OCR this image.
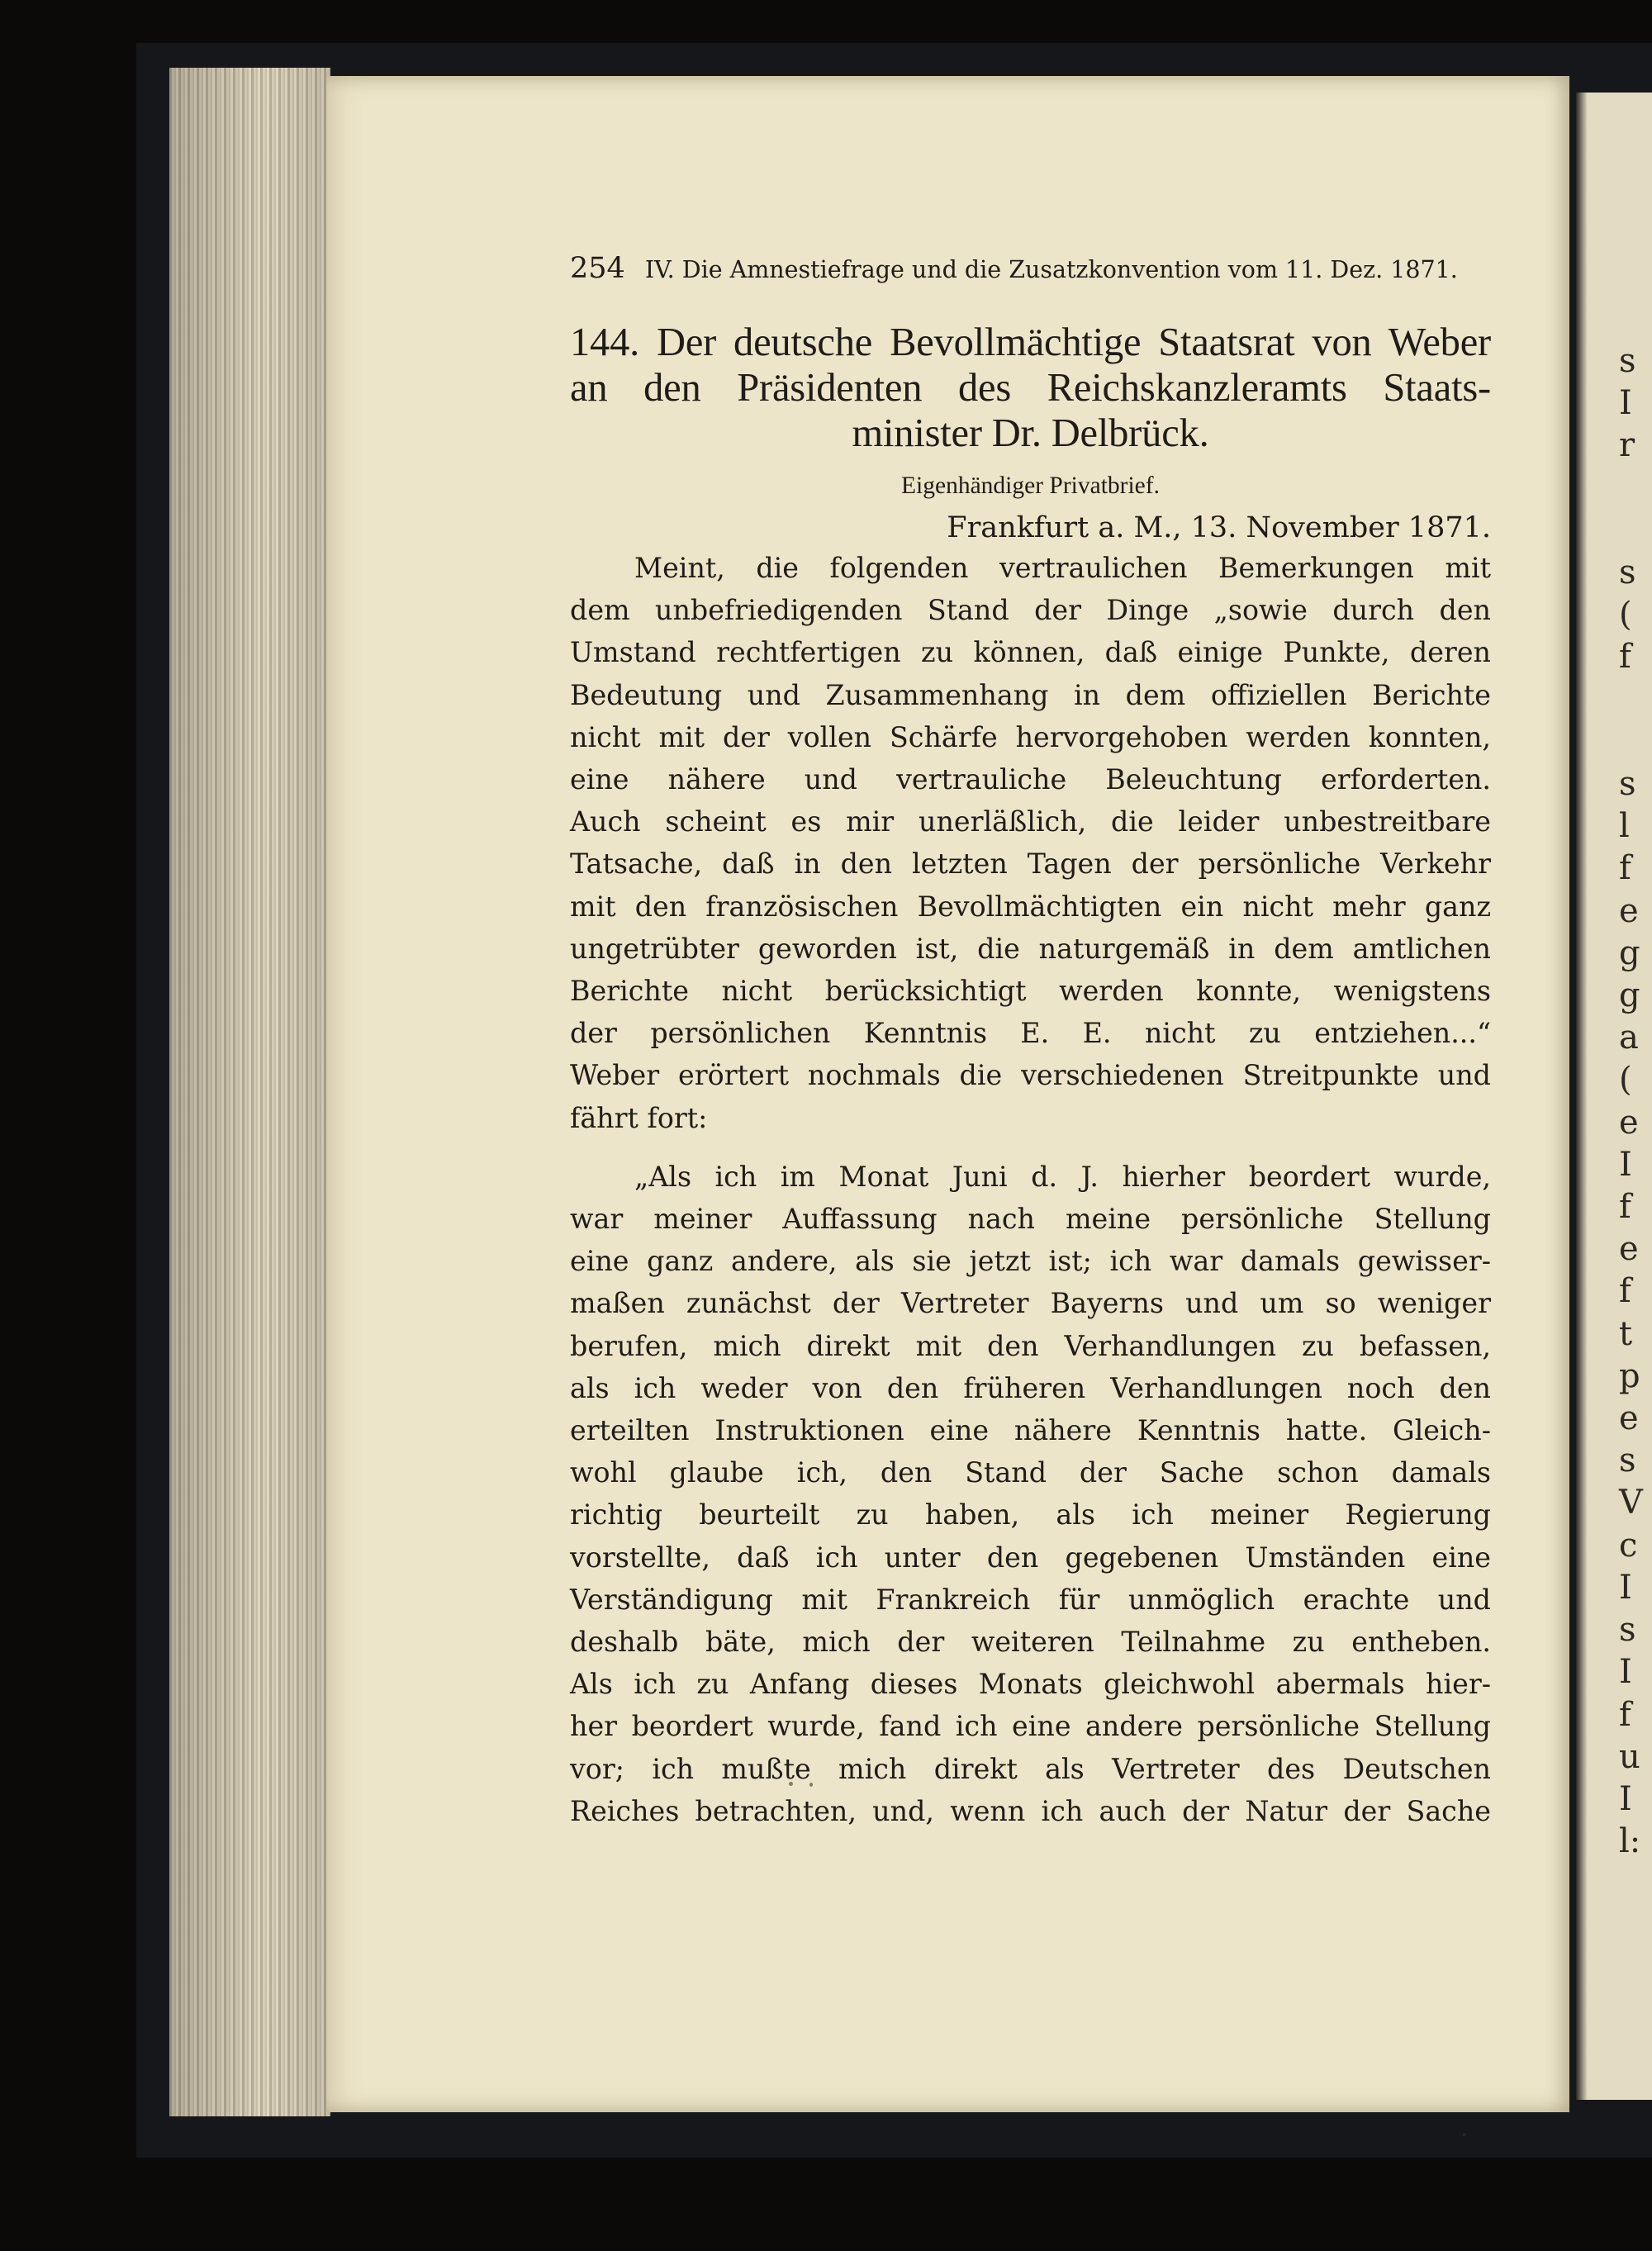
s
I
r

s
(
f

s
l
f
e
g
g
a
(
e
I
f
e
f
t
p
e
s
V
c
I
s
I
f
u
I
l:
254 IV. Die Amnestiefrage und die Zusatzkonvention vom 11. Dez. 1871.
144. Der deutsche Bevollmächtige Staatsrat von Weber
an den Präsidenten des Reichskanzleramts Staats-
minister Dr. Delbrück.
Eigenhändiger Privatbrief.
Frankfurt a. M., 13. November 1871.
Meint, die folgenden vertraulichen Bemerkungen mit
dem unbefriedigenden Stand der Dinge „sowie durch den
Umstand rechtfertigen zu können, daß einige Punkte, deren
Bedeutung und Zusammenhang in dem offiziellen Berichte
nicht mit der vollen Schärfe hervorgehoben werden konnten,
eine nähere und vertrauliche Beleuchtung erforderten.
Auch scheint es mir unerläßlich, die leider unbestreitbare
Tatsache, daß in den letzten Tagen der persönliche Verkehr
mit den französischen Bevollmächtigten ein nicht mehr ganz
ungetrübter geworden ist, die naturgemäß in dem amtlichen
Berichte nicht berücksichtigt werden konnte, wenigstens
der persönlichen Kenntnis E. E. nicht zu entziehen...“
Weber erörtert nochmals die verschiedenen Streitpunkte und
fährt fort:
„Als ich im Monat Juni d. J. hierher beordert wurde,
war meiner Auffassung nach meine persönliche Stellung
eine ganz andere, als sie jetzt ist; ich war damals gewisser-
maßen zunächst der Vertreter Bayerns und um so weniger
berufen, mich direkt mit den Verhandlungen zu befassen,
als ich weder von den früheren Verhandlungen noch den
erteilten Instruktionen eine nähere Kenntnis hatte. Gleich-
wohl glaube ich, den Stand der Sache schon damals
richtig beurteilt zu haben, als ich meiner Regierung
vorstellte, daß ich unter den gegebenen Umständen eine
Verständigung mit Frankreich für unmöglich erachte und
deshalb bäte, mich der weiteren Teilnahme zu entheben.
Als ich zu Anfang dieses Monats gleichwohl abermals hier-
her beordert wurde, fand ich eine andere persönliche Stellung
vor; ich mußte mich direkt als Vertreter des Deutschen
Reiches betrachten, und, wenn ich auch der Natur der Sache
